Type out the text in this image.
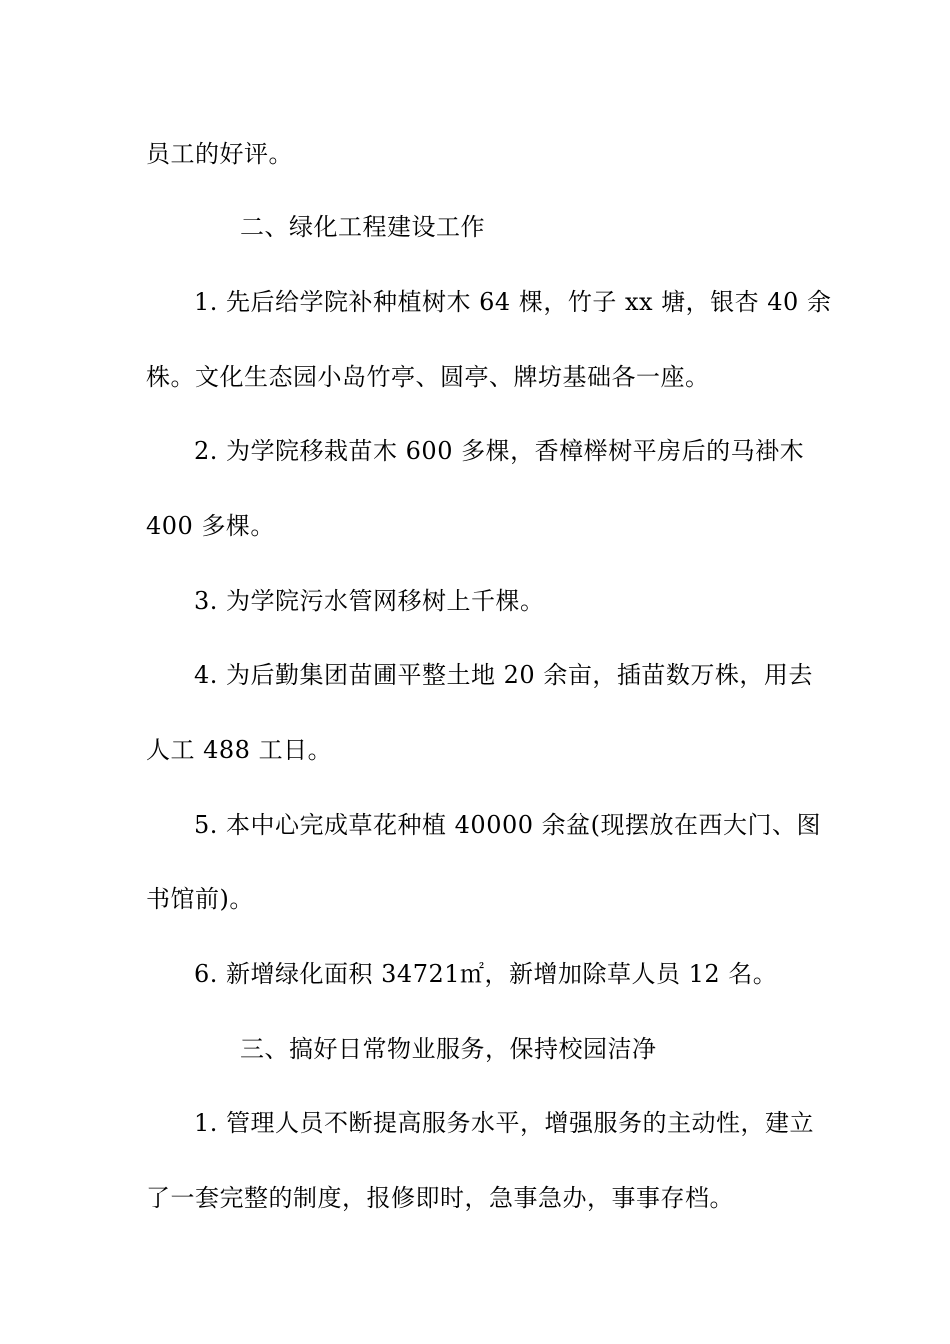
员工的好评。
二、绿化工程建设工作
1. 先后给学院补种植树木 64 棵，竹子 xx 塘，银杏 40 余
株。文化生态园小岛竹亭、圆亭、牌坊基础各一座。
2. 为学院移栽苗木 600 多棵，香樟榉树平房后的马褂木
400 多棵。
3. 为学院污水管网移树上千棵。
4. 为后勤集团苗圃平整土地 20 余亩，插苗数万株，用去
人工 488 工日。
5. 本中心完成草花种植 40000 余盆(现摆放在西大门、图
书馆前)。
6. 新增绿化面积 34721㎡，新增加除草人员 12 名。
三、搞好日常物业服务，保持校园洁净
1. 管理人员不断提高服务水平，增强服务的主动性，建立
了一套完整的制度，报修即时，急事急办，事事存档。
